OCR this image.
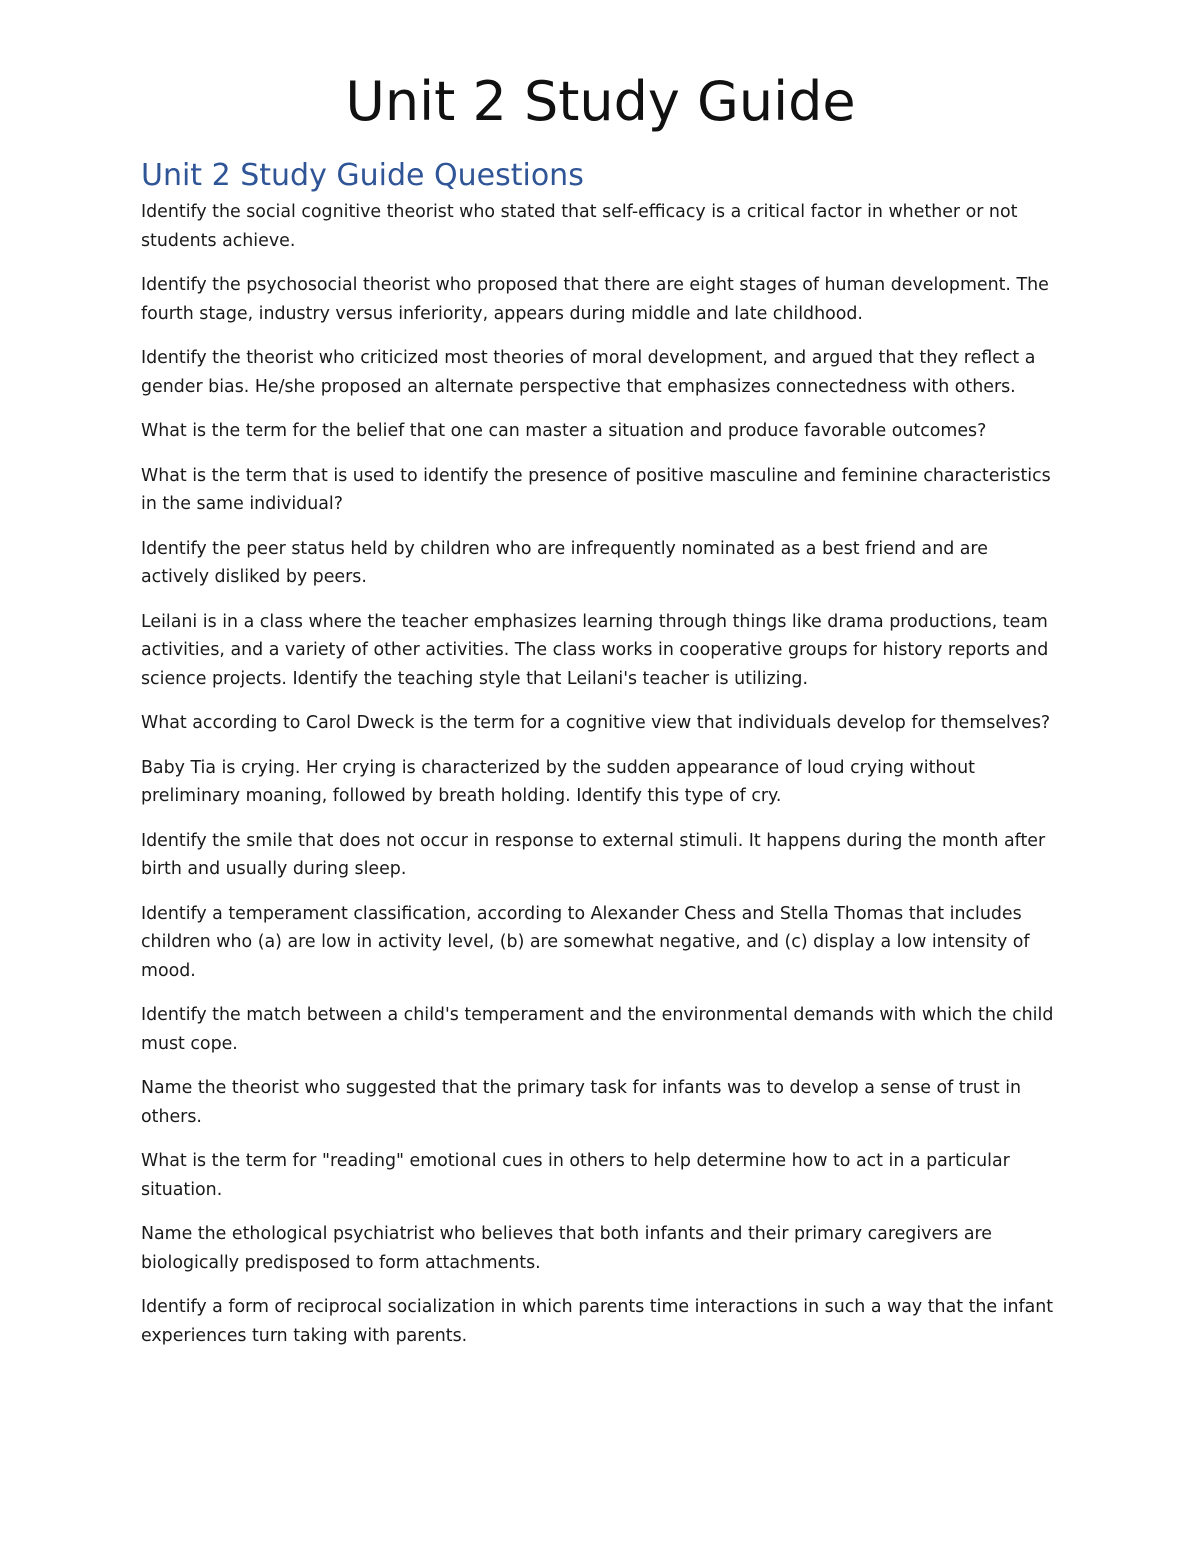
Unit 2 Study Guide
Unit 2 Study Guide Questions
Identify the social cognitive theorist who stated that self-efficacy is a critical factor in whether or not students achieve.
Identify the psychosocial theorist who proposed that there are eight stages of human development. The fourth stage, industry versus inferiority, appears during middle and late childhood.
Identify the theorist who criticized most theories of moral development, and argued that they reflect a gender bias. He/she proposed an alternate perspective that emphasizes connectedness with others.
What is the term for the belief that one can master a situation and produce favorable outcomes?
What is the term that is used to identify the presence of positive masculine and feminine characteristics in the same individual?
Identify the peer status held by children who are infrequently nominated as a best friend and are actively disliked by peers.
Leilani is in a class where the teacher emphasizes learning through things like drama productions, team activities, and a variety of other activities. The class works in cooperative groups for history reports and science projects. Identify the teaching style that Leilani's teacher is utilizing.
What according to Carol Dweck is the term for a cognitive view that individuals develop for themselves?
Baby Tia is crying. Her crying is characterized by the sudden appearance of loud crying without preliminary moaning, followed by breath holding. Identify this type of cry.
Identify the smile that does not occur in response to external stimuli. It happens during the month after birth and usually during sleep.
Identify a temperament classification, according to Alexander Chess and Stella Thomas that includes children who (a) are low in activity level, (b) are somewhat negative, and (c) display a low intensity of mood.
Identify the match between a child's temperament and the environmental demands with which the child must cope.
Name the theorist who suggested that the primary task for infants was to develop a sense of trust in others.
What is the term for "reading" emotional cues in others to help determine how to act in a particular situation.
Name the ethological psychiatrist who believes that both infants and their primary caregivers are biologically predisposed to form attachments.
Identify a form of reciprocal socialization in which parents time interactions in such a way that the infant experiences turn taking with parents.
